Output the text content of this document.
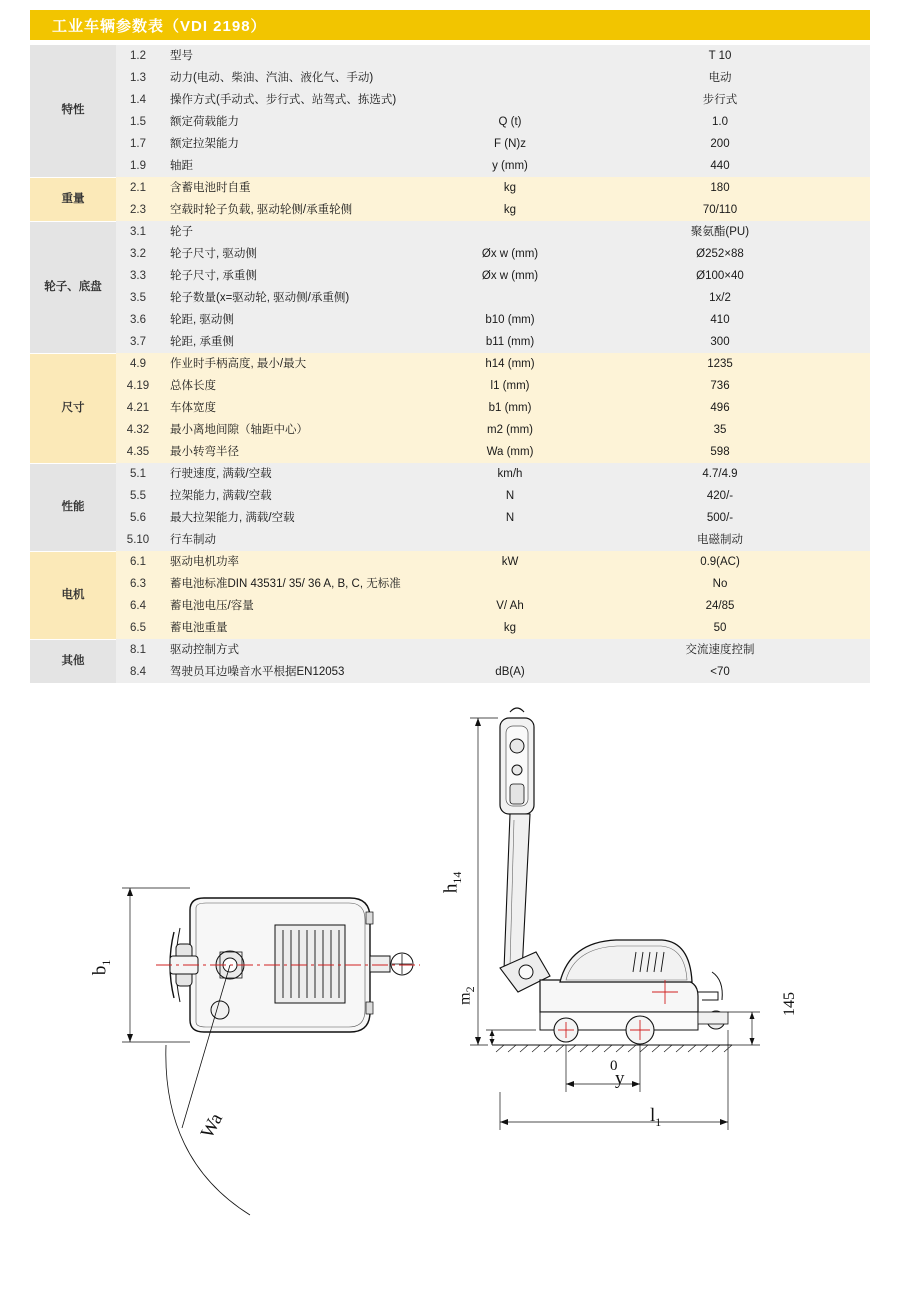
工业车辆参数表（VDI 2198）
特性	1.2	型号		T 10
	1.3	动力(电动、柴油、汽油、液化气、手动)		电动
	1.4	操作方式(手动式、步行式、站驾式、拣选式)		步行式
	1.5	额定荷载能力	Q (t)	1.0
	1.7	额定拉架能力	F (N)z	200
	1.9	轴距	y (mm)	440
重量	2.1	含蓄电池时自重	kg	180
	2.3	空载时轮子负载, 驱动轮侧/承重轮侧	kg	70/110
轮子、底盘	3.1	轮子		聚氨酯(PU)
	3.2	轮子尺寸, 驱动侧	Øx w (mm)	Ø252×88
	3.3	轮子尺寸, 承重侧	Øx w (mm)	Ø100×40
	3.5	轮子数量(x=驱动轮, 驱动侧/承重侧)		1x/2
	3.6	轮距, 驱动侧	b10 (mm)	410
	3.7	轮距, 承重侧	b11 (mm)	300
尺寸	4.9	作业时手柄高度, 最小/最大	h14 (mm)	1235
	4.19	总体长度	l1 (mm)	736
	4.21	车体宽度	b1 (mm)	496
	4.32	最小离地间隙（轴距中心）	m2 (mm)	35
	4.35	最小转弯半径	Wa (mm)	598
性能	5.1	行驶速度, 满载/空载	km/h	4.7/4.9
	5.5	拉架能力, 满载/空载	N	420/-
	5.6	最大拉架能力, 满载/空载	N	500/-
	5.10	行车制动		电磁制动
电机	6.1	驱动电机功率	kW	0.9(AC)
	6.3	蓄电池标准DIN 43531/ 35/ 36 A, B, C, 无标准		No
	6.4	蓄电池电压/容量	V/ Ah	24/85
	6.5	蓄电池重量	kg	50
其他	8.1	驱动控制方式		交流速度控制
	8.4	驾驶员耳边噪音水平根据EN12053	dB(A)	<70
$b_1$
Wa
$h_{14}$
$m_2$
145
0
y
$l_1$
